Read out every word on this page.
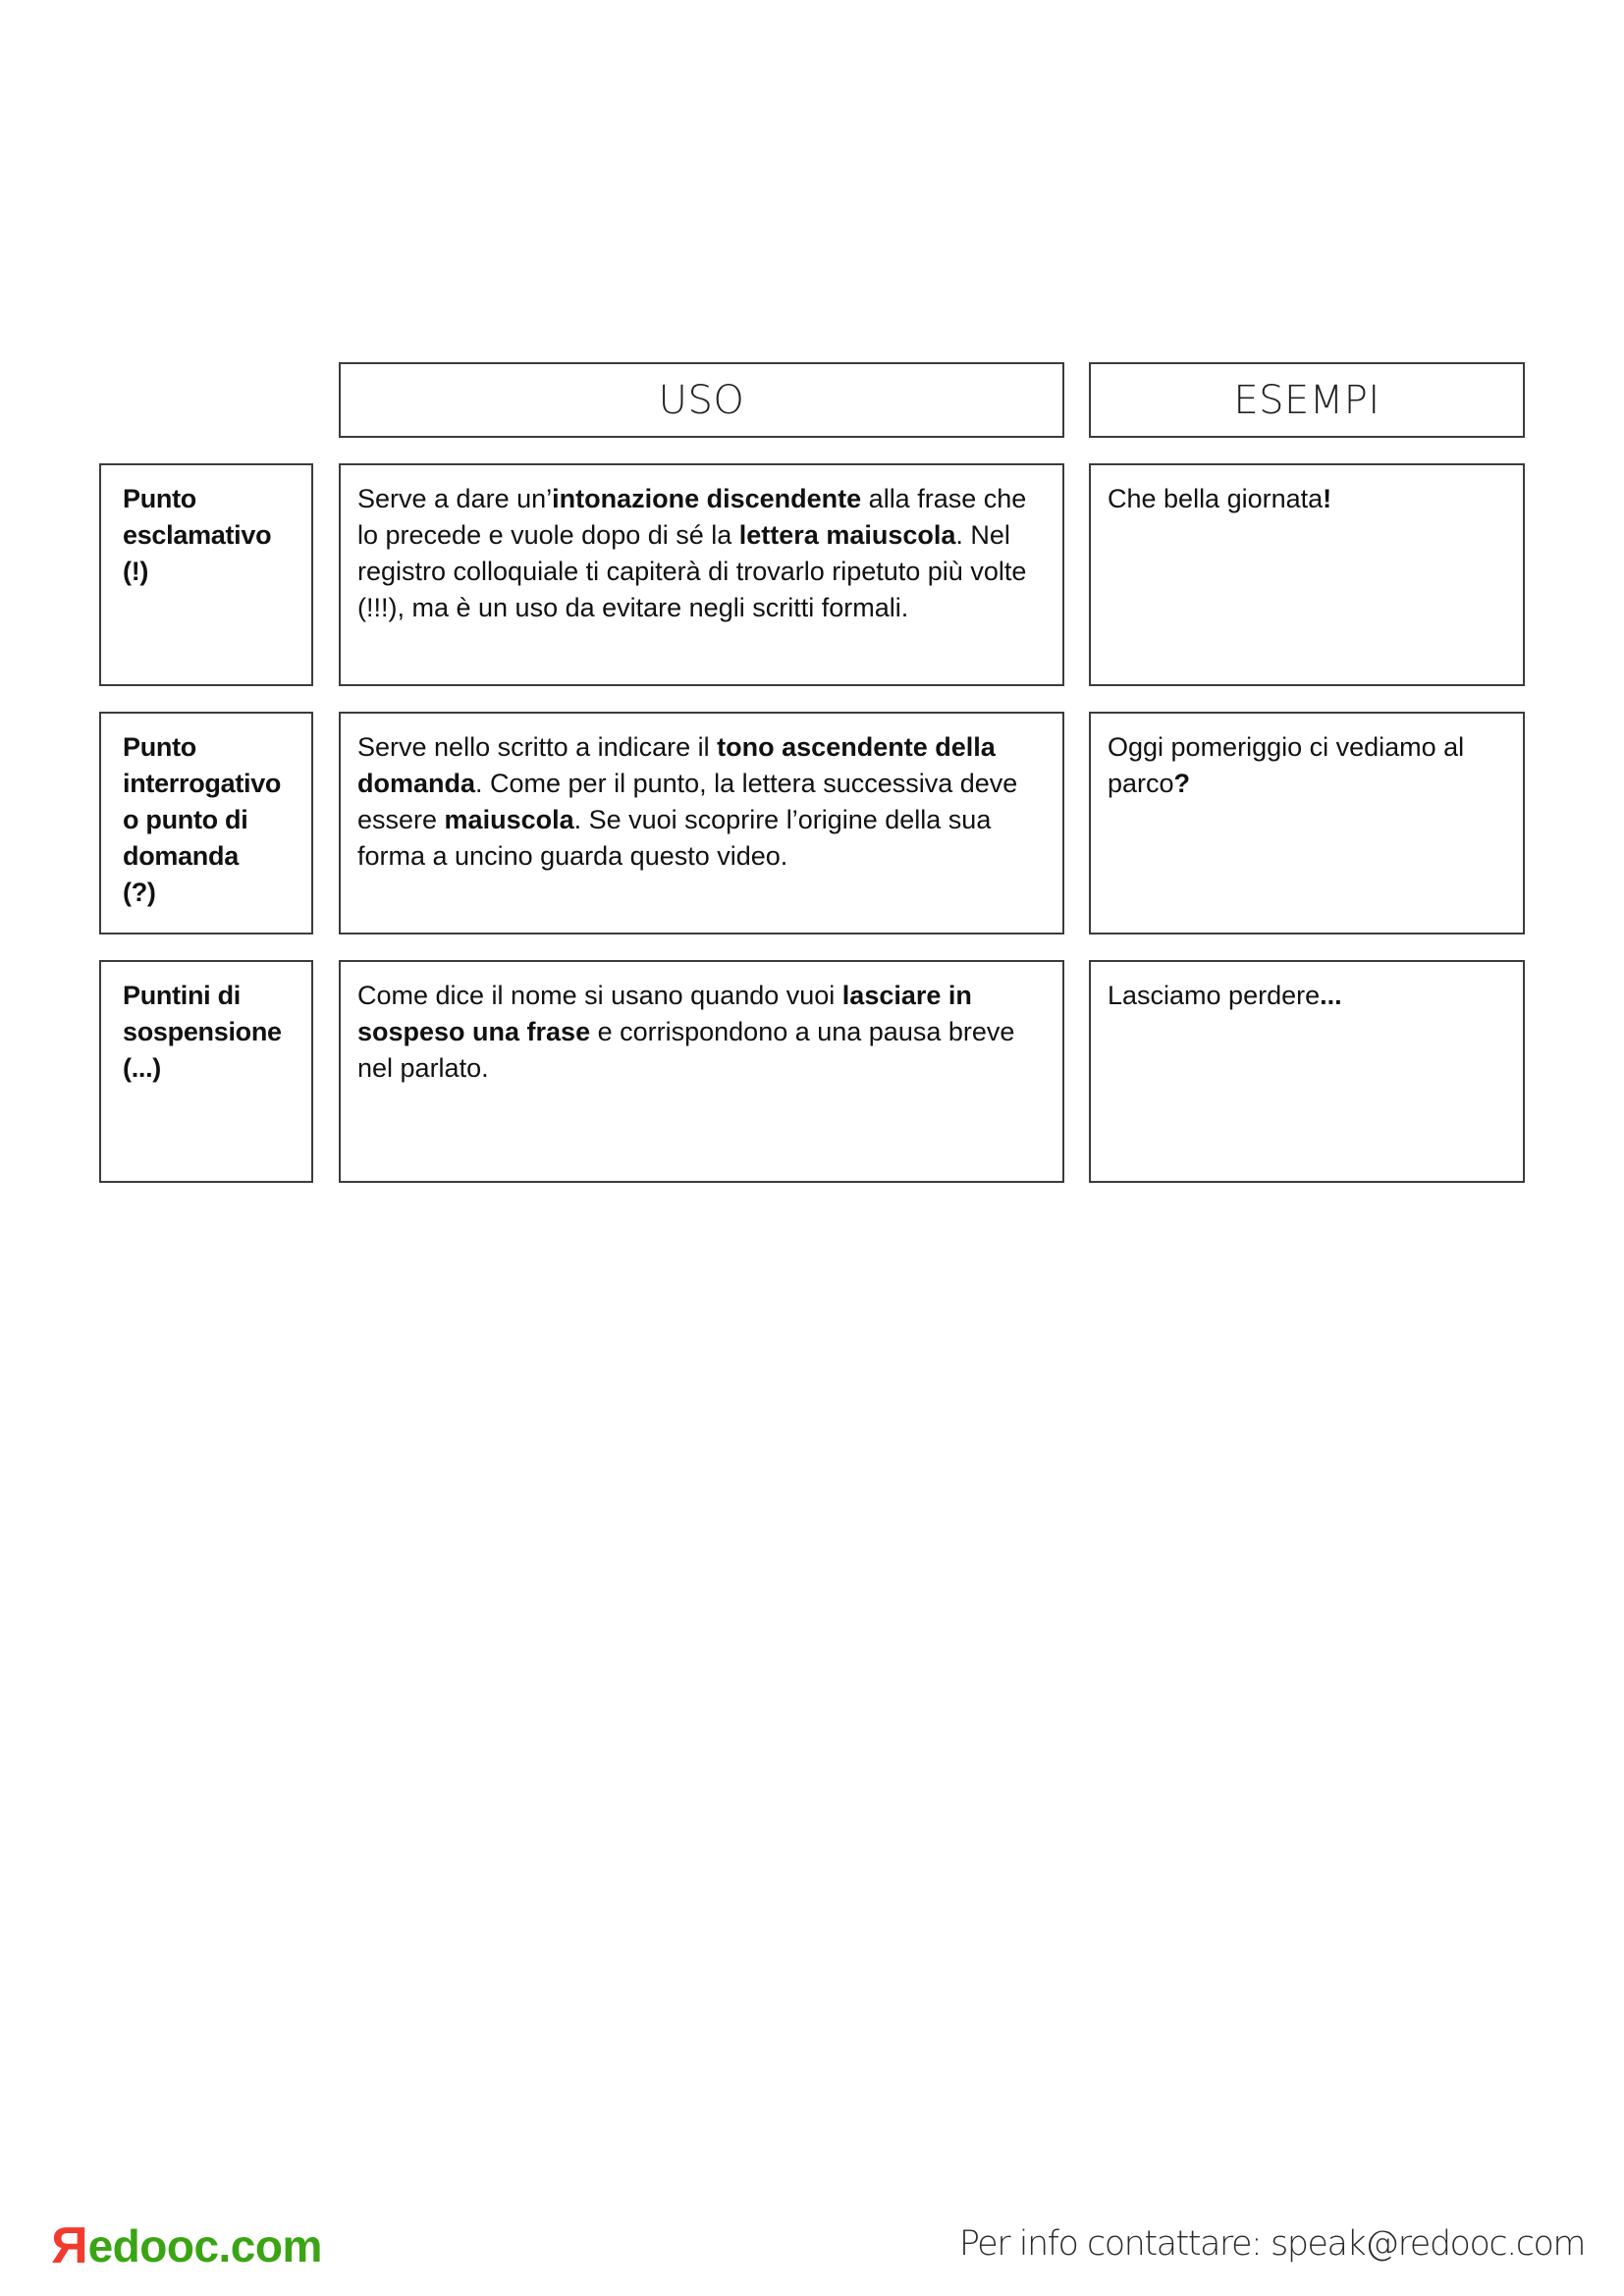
USO	ESEMPI
Punto
esclamativo
(!)
Serve a dare un’intonazione discendente alla frase che lo precede e vuole dopo di sé la lettera maiuscola. Nel registro colloquiale ti capiterà di trovarlo ripetuto più volte (!!!), ma è un uso da evitare negli scritti formali.
Che bella giornata!
Punto
interrogativo
o punto di
domanda
(?)
Serve nello scritto a indicare il tono ascendente della domanda. Come per il punto, la lettera successiva deve essere maiuscola. Se vuoi scoprire l’origine della sua forma a uncino guarda questo video.
Oggi pomeriggio ci vediamo al parco?
Puntini di
sospensione
(...)
Come dice il nome si usano quando vuoi lasciare in sospeso una frase e corrispondono a una pausa breve nel parlato.
Lasciamo perdere...
R edooc.com	Per info contattare: speak@redooc.com
